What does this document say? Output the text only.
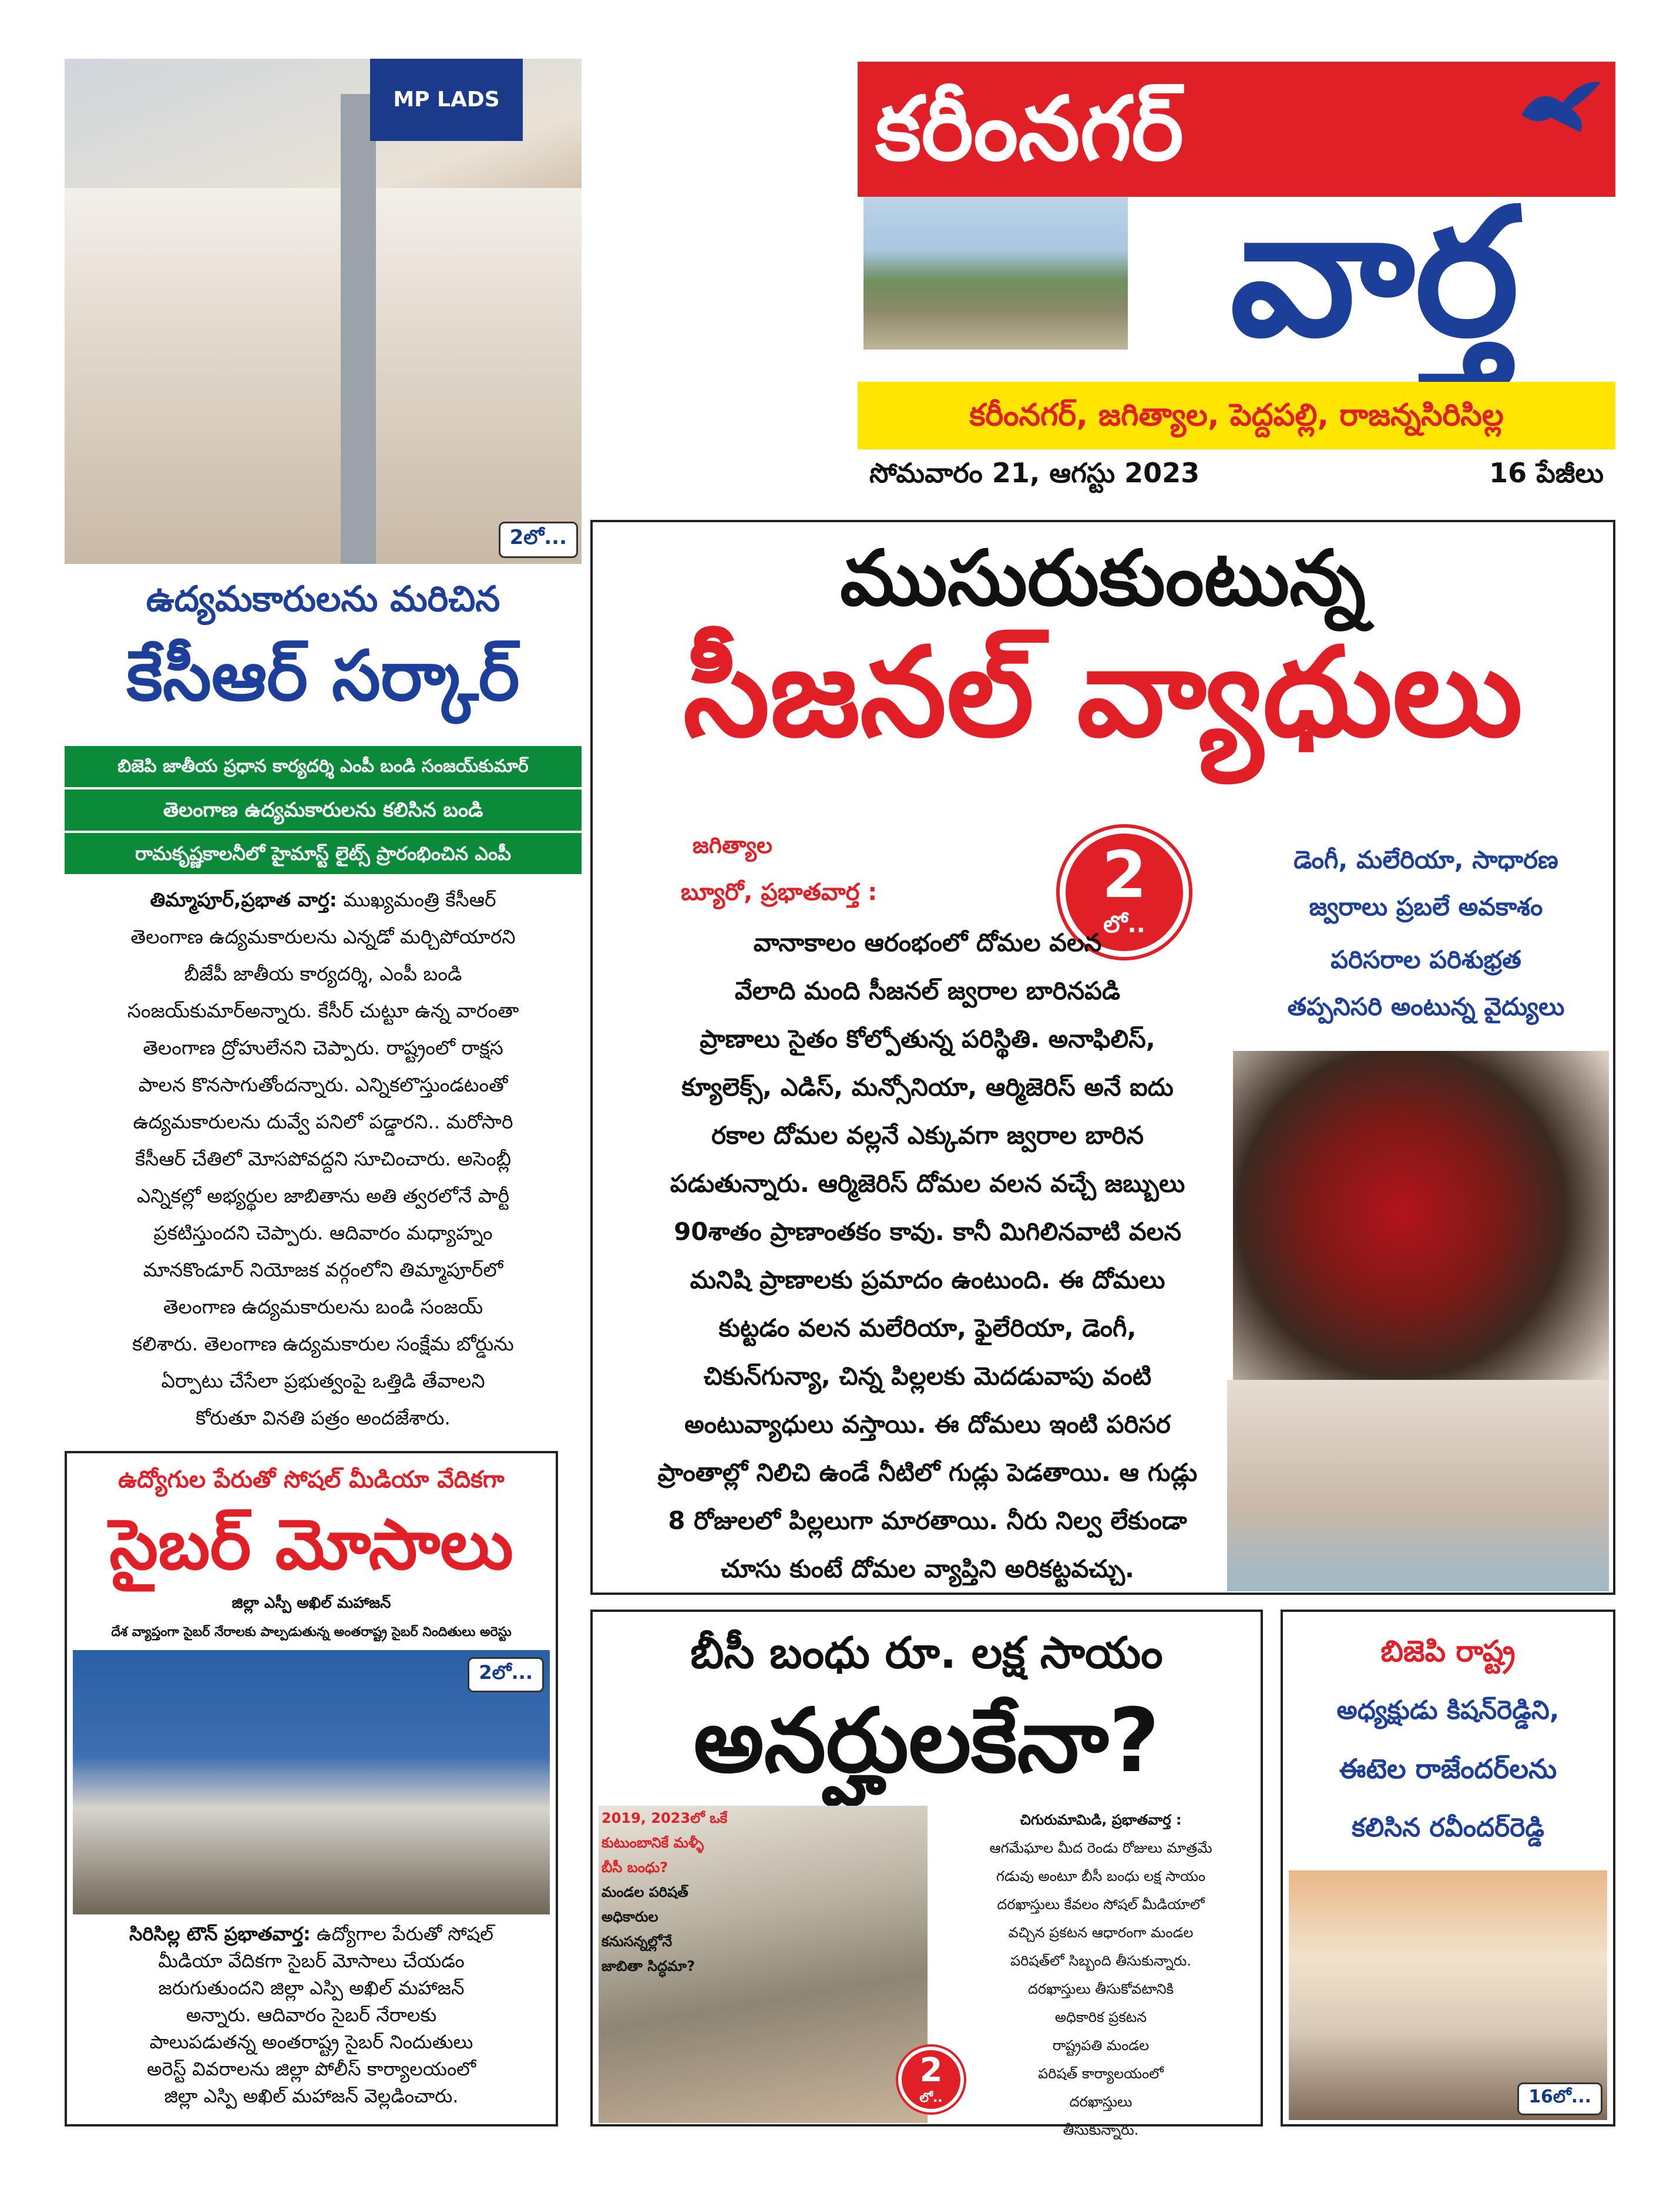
MP LADS
2లో...
కరీంనగర్
వార్త
కరీంనగర్, జగిత్యాల, పెద్దపల్లి, రాజన్నసిరిసిల్ల
సోమవారం 21, ఆగస్టు 2023	16 పేజీలు
ఉద్యమకారులను మరిచిన
కేసీఆర్ సర్కార్
బిజెపి జాతీయ ప్రధాన కార్యదర్శి ఎంపీ బండి సంజయ్‌కుమార్
తెలంగాణ ఉద్యమకారులను కలిసిన బండి
రామకృష్ణకాలనీలో హైమాస్ట్ లైట్స్ ప్రారంభించిన ఎంపీ

తిమ్మాపూర్,ప్రభాత వార్త: ముఖ్యమంత్రి కేసీఆర్

తెలంగాణ ఉద్యమకారులను ఎన్నడో మర్చిపోయారని

బీజేపీ జాతీయ కార్యదర్శి, ఎంపీ బండి

సంజయ్‌కుమార్‌అన్నారు. కేసీర్ చుట్టూ ఉన్న వారంతా

తెలంగాణ ద్రోహులేనని చెప్పారు. రాష్ట్రంలో రాక్షస

పాలన కొనసాగుతోందన్నారు. ఎన్నికలొస్తుండటంతో

ఉద్యమకారులను దువ్వే పనిలో పడ్డారని.. మరోసారి

కేసీఆర్ చేతిలో మోసపోవద్దని సూచించారు. అసెంబ్లీ

ఎన్నికల్లో అభ్యర్థుల జాబితాను అతి త్వరలోనే పార్టీ

ప్రకటిస్తుందని చెప్పారు. ఆదివారం మధ్యాహ్నం

మానకొండూర్ నియోజక వర్గంలోని తిమ్మాపూర్‌లో

తెలంగాణ ఉద్యమకారులను బండి సంజయ్

కలిశారు. తెలంగాణ ఉద్యమకారుల సంక్షేమ బోర్డును

ఏర్పాటు చేసేలా ప్రభుత్వంపై ఒత్తిడి తేవాలని

కోరుతూ వినతి పత్రం అందజేశారు.

ముసురుకుంటున్న
సీజనల్ వ్యాధులు
2
లో..
డెంగీ, మలేరియా, సాధారణ
జ్వరాలు ప్రబలే అవకాశం
పరిసరాల పరిశుభ్రత
తప్పనిసరి అంటున్న వైద్యులు
జగిత్యాల
బ్యూరో, ప్రభాతవార్త :

వానాకాలం ఆరంభంలో దోమల వలన

వేలాది మంది సీజనల్ జ్వరాల బారినపడి

ప్రాణాలు సైతం కోల్పోతున్న పరిస్థితి. అనాఫిలిస్,

క్యూలెక్స్, ఎడిస్, మన్సోనియా, ఆర్మిజెరిస్ అనే ఐదు

రకాల దోమల వల్లనే ఎక్కువగా జ్వరాల బారిన

పడుతున్నారు. ఆర్మిజెరిస్ దోమల వలన వచ్చే జబ్బులు

90శాతం ప్రాణాంతకం కావు. కానీ మిగిలినవాటి వలన

మనిషి ప్రాణాలకు ప్రమాదం ఉంటుంది. ఈ దోమలు

కుట్టడం వలన మలేరియా, ఫైలేరియా, డెంగీ,

చికున్‌గున్యా, చిన్న పిల్లలకు మెదడువాపు వంటి

అంటువ్యాధులు వస్తాయి. ఈ దోమలు ఇంటి పరిసర

ప్రాంతాల్లో నిలిచి ఉండే నీటిలో గుడ్లు పెడతాయి. ఆ గుడ్లు

8 రోజులలో పిల్లలుగా మారతాయి. నీరు నిల్వ లేకుండా

చూసు కుంటే దోమల వ్యాప్తిని అరికట్టవచ్చు.

ఉద్యోగుల పేరుతో సోషల్ మీడియా వేదికగా
సైబర్ మోసాలు
జిల్లా ఎస్పీ అఖిల్ మహాజన్
దేశ వ్యాప్తంగా సైబర్ నేరాలకు పాల్పడుతున్న అంతరాష్ట్ర సైబర్ నిందితులు అరెస్టు
2లో...

సిరిసిల్ల టౌన్ ప్రభాతవార్త: ఉద్యోగాల పేరుతో సోషల్

మీడియా వేదికగా సైబర్ మోసాలు చేయడం

జరుగుతుందని జిల్లా ఎస్పి అఖిల్ మహాజన్

అన్నారు. ఆదివారం సైబర్ నేరాలకు

పాలుపడుతన్న అంతరాష్ట్ర సైబర్ నిందుతులు

అరెస్ట్ వివరాలను జిల్లా పోలీస్ కార్యాలయంలో

జిల్లా ఎస్పి అఖిల్ మహాజన్ వెల్లడించారు.

బీసీ బంధు రూ. లక్ష సాయం
అనర్హులకేనా?
2019, 2023లో ఒకే
కుటుంబానికే మళ్ళీ
బీసీ బంధు?
మండల పరిషత్
అధికారుల
కనుసన్నల్లోనే
జాబితా సిద్ధమా?
2
లో..

చిగురుమామిడి, ప్రభాతవార్త :

ఆగమేఘాల మీద రెండు రోజులు మాత్రమే

గడువు అంటూ బీసీ బంధు లక్ష సాయం

దరఖాస్తులు కేవలం సోషల్ మీడియాలో

వచ్చిన ప్రకటన ఆధారంగా మండల

పరిషత్‌లో సిబ్బంది తీసుకున్నారు.

దరఖాస్తులు తీసుకోవటానికి

అధికారిక ప్రకటన

రాష్ట్రపతి మండల

పరిషత్ కార్యాలయంలో

దరఖాస్తులు

తీసుకున్నారు.

బిజెపి రాష్ట్ర
అధ్యక్షుడు కిషన్‌రెడ్డిని,
ఈటెల రాజేందర్‌లను
కలిసిన రవీందర్‌రెడ్డి
16లో...
